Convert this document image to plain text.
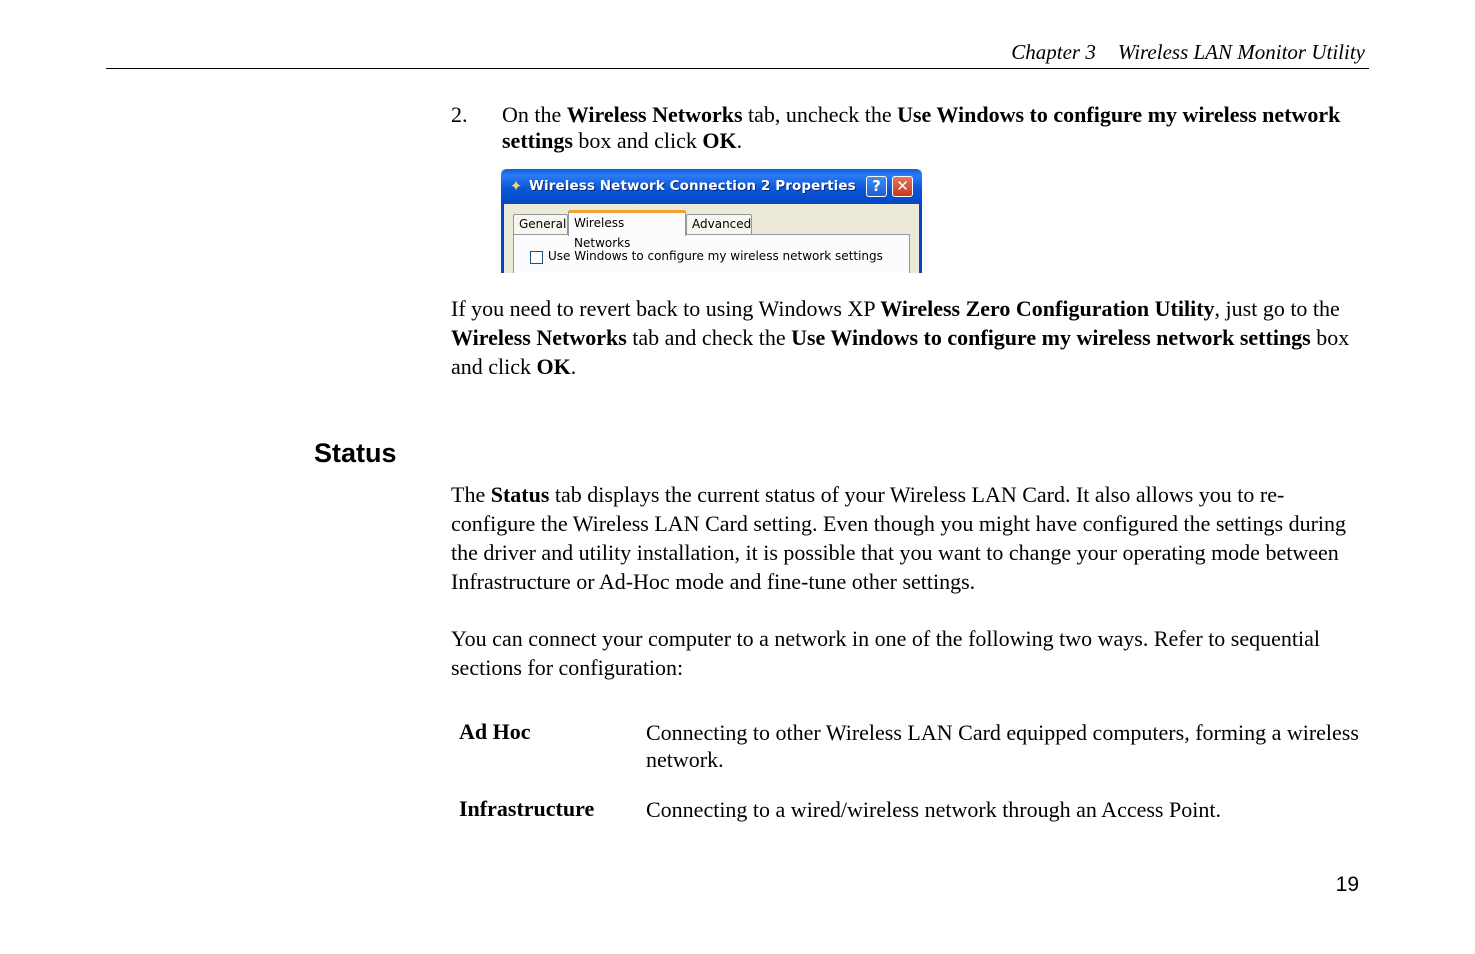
Chapter 3 Wireless LAN Monitor Utility
2. On the Wireless Networks tab, uncheck the Use Windows to configure my wireless network settings box and click OK.
✦ Wireless Network Connection 2 Properties	?	✕
General Wireless Networks
Advanced
Use Windows to configure my wireless network settings
If you need to revert back to using Windows XP Wireless Zero Configuration Utility, just go to the Wireless Networks tab and check the Use Windows to configure my wireless network settings box and click OK.
Status
The Status tab displays the current status of your Wireless LAN Card. It also allows you to re-configure the Wireless LAN Card setting. Even though you might have configured the settings during the driver and utility installation, it is possible that you want to change your operating mode between Infrastructure or Ad-Hoc mode and fine-tune other settings.
You can connect your computer to a network in one of the following two ways. Refer to sequential sections for configuration:
Ad Hoc	Connecting to other Wireless LAN Card equipped computers, forming a wireless network.
Infrastructure Connecting to a wired/wireless network through an Access Point.
19
